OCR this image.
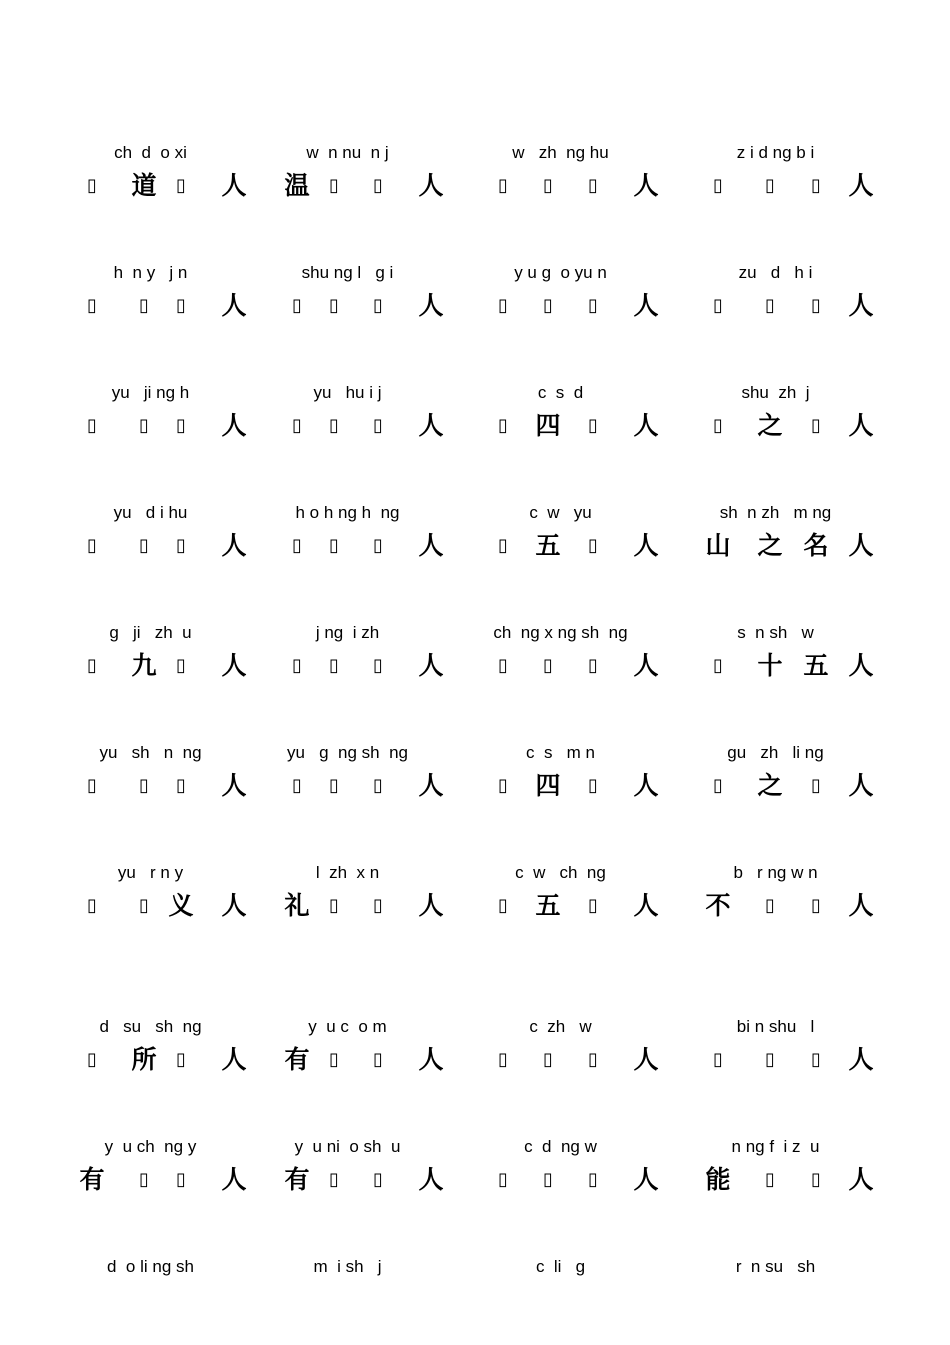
ch  d  o xi
▯	道	▯	人
w  n nu  n j
温	▯	▯	人
w   zh  ng hu
▯	▯	▯	人
z i d ng b i
▯	▯	▯	人
h  n y   j n
▯	▯	▯	人
shu ng l   g i
▯	▯	▯	人
y u g  o yu n
▯	▯	▯	人
zu   d   h i
▯	▯	▯	人
yu   ji ng h
▯	▯	▯	人
yu   hu i j
▯	▯	▯	人
c  s  d
▯	四	▯	人
shu  zh  j
▯	之	▯	人
yu   d i hu
▯	▯	▯	人
h o h ng h  ng
▯	▯	▯	人
c  w   yu
▯	五	▯	人
sh  n zh   m ng
山 之 名 人
g   ji   zh  u
▯	九	▯	人
j ng  i zh
▯	▯	▯	人
ch  ng x ng sh  ng
▯	▯	▯	人
s  n sh   w
▯	十 五 人
yu   sh   n  ng
▯	▯	▯	人
yu   g  ng sh  ng
▯	▯	▯	人
c  s   m n
▯	四	▯	人
gu   zh   li ng
▯	之	▯	人
yu   r n y
▯	▯ 义 人
l  zh  x n
礼	▯	▯	人
c  w   ch  ng
▯	五	▯	人
b   r ng w n
不	▯	▯	人
d   su   sh  ng
▯	所	▯	人
y  u c  o m
有	▯	▯	人
c  zh   w
▯	▯	▯	人
bi n shu   l
▯	▯	▯	人
y  u ch  ng y
有	▯	▯	人
y  u ni  o sh  u
有	▯	▯	人
c  d  ng w
▯	▯	▯	人
n ng f  i z  u
能	▯	▯	人
d  o li ng sh	m  i sh   j	c  li   g	r  n su   sh
